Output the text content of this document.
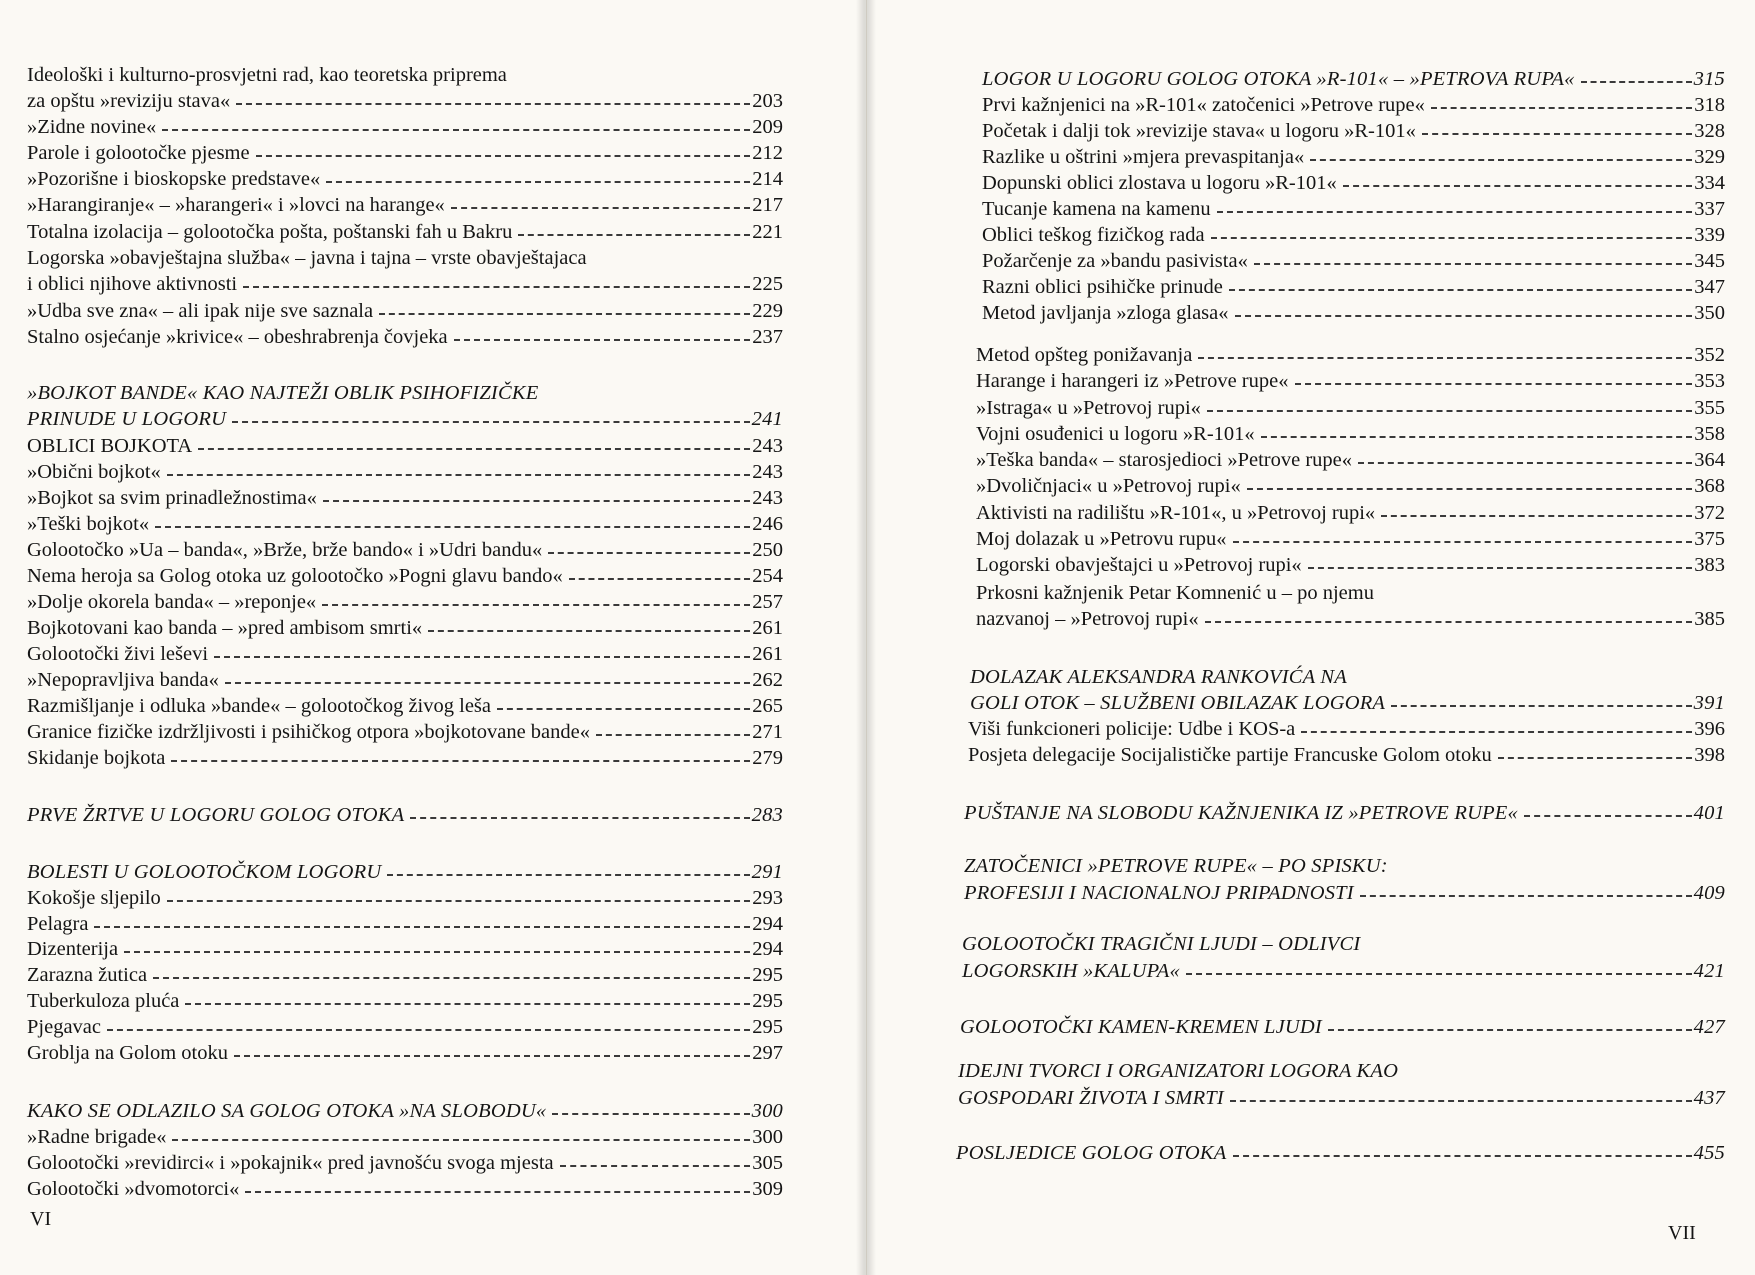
Ideološki i kulturno-prosvjetni rad, kao teoretska priprema
za opštu »reviziju stava«	203
»Zidne novine«	209
Parole i golootočke pjesme	212
»Pozorišne i bioskopske predstave«	214
»Harangiranje« – »harangeri« i »lovci na harange«	217
Totalna izolacija – golootočka pošta, poštanski fah u Bakru	221
Logorska »obavještajna služba« – javna i tajna – vrste obavještajaca
i oblici njihove aktivnosti	225
»Udba sve zna« – ali ipak nije sve saznala	229
Stalno osjećanje »krivice« – obeshrabrenja čovjeka	237
»BOJKOT BANDE« KAO NAJTEŽI OBLIK PSIHOFIZIČKE
PRINUDE U LOGORU	241
OBLICI BOJKOTA	243
»Obični bojkot«	243
»Bojkot sa svim prinadležnostima«	243
»Teški bojkot«	246
Golootočko »Ua – banda«, »Brže, brže bando« i »Udri bandu«	250
Nema heroja sa Golog otoka uz golootočko »Pogni glavu bando«	254
»Dolje okorela banda« – »reponje«	257
Bojkotovani kao banda – »pred ambisom smrti«	261
Golootočki živi leševi	261
»Nepopravljiva banda«	262
Razmišljanje i odluka »bande« – golootočkog živog leša	265
Granice fizičke izdržljivosti i psihičkog otpora »bojkotovane bande«	271
Skidanje bojkota	279
PRVE ŽRTVE U LOGORU GOLOG OTOKA	283
BOLESTI U GOLOOTOČKOM LOGORU	291
Kokošje sljepilo	293
Pelagra	294
Dizenterija	294
Zarazna žutica	295
Tuberkuloza pluća	295
Pjegavac	295
Groblja na Golom otoku	297
KAKO SE ODLAZILO SA GOLOG OTOKA »NA SLOBODU«	300
»Radne brigade«	300
Golootočki »revidirci« i »pokajnik« pred javnošću svoga mjesta	305
Golootočki »dvomotorci«	309
LOGOR U LOGORU GOLOG OTOKA »R-101« – »PETROVA RUPA«	315
Prvi kažnjenici na »R-101« zatočenici »Petrove rupe«	318
Početak i dalji tok »revizije stava« u logoru »R-101«	328
Razlike u oštrini »mjera prevaspitanja«	329
Dopunski oblici zlostava u logoru »R-101«	334
Tucanje kamena na kamenu	337
Oblici teškog fizičkog rada	339
Požarčenje za »bandu pasivista«	345
Razni oblici psihičke prinude	347
Metod javljanja »zloga glasa«	350
Metod opšteg ponižavanja	352
Harange i harangeri iz »Petrove rupe«	353
»Istraga« u »Petrovoj rupi«	355
Vojni osuđenici u logoru »R-101«	358
»Teška banda« – starosjedioci »Petrove rupe«	364
»Dvoličnjaci« u »Petrovoj rupi«	368
Aktivisti na radilištu »R-101«, u »Petrovoj rupi«	372
Moj dolazak u »Petrovu rupu«	375
Logorski obavještajci u »Petrovoj rupi«	383
Prkosni kažnjenik Petar Komnenić u – po njemu
nazvanoj – »Petrovoj rupi«	385
DOLAZAK ALEKSANDRA RANKOVIĆA NA
GOLI OTOK – SLUŽBENI OBILAZAK LOGORA	391
Viši funkcioneri policije: Udbe i KOS-a	396
Posjeta delegacije Socijalističke partije Francuske Golom otoku	398
PUŠTANJE NA SLOBODU KAŽNJENIKA IZ »PETROVE RUPE«	401
ZATOČENICI »PETROVE RUPE« – PO SPISKU:
PROFESIJI I NACIONALNOJ PRIPADNOSTI	409
GOLOOTOČKI TRAGIČNI LJUDI – ODLIVCI
LOGORSKIH »KALUPA«	421
GOLOOTOČKI KAMEN-KREMEN LJUDI	427
IDEJNI TVORCI I ORGANIZATORI LOGORA KAO
GOSPODARI ŽIVOTA I SMRTI	437
POSLJEDICE GOLOG OTOKA	455
VI
VII
